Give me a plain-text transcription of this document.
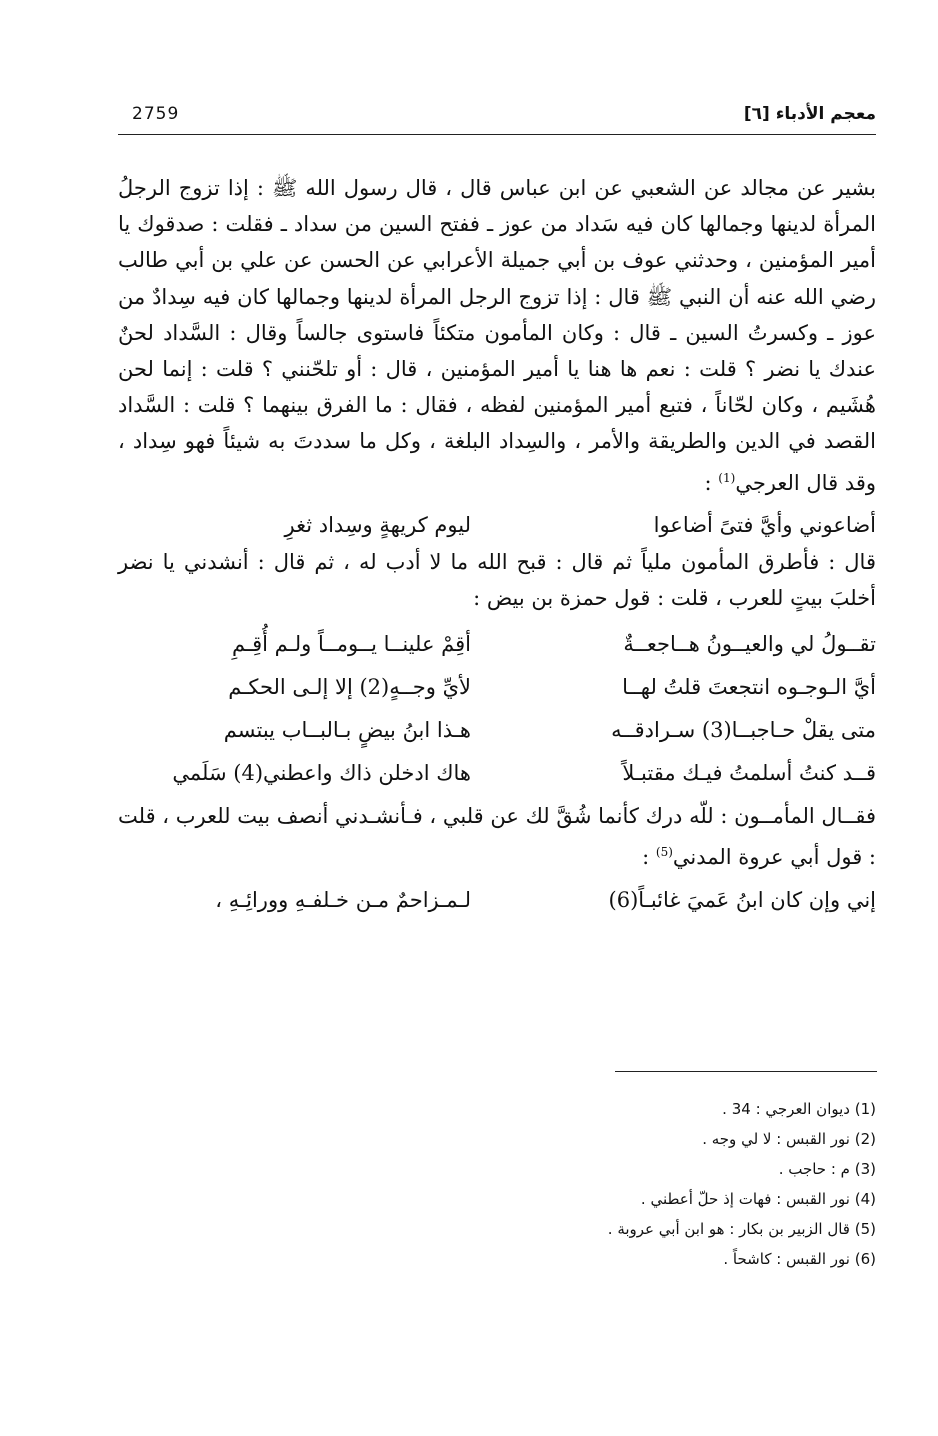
2759	معجم الأدباء [٦]

بشير عن مجالد عن الشعبي عن ابن عباس قال ، قال رسول الله ﷺ : إذا تزوج الرجلُ المرأة لدينها وجمالها كان فيه سَداد من عوز ـ ففتح السين من سداد ـ فقلت : صدقوك يا أمير المؤمنين ، وحدثني عوف بن أبي جميلة الأعرابي عن الحسن عن علي بن أبي طالب رضي الله عنه أن النبي ﷺ قال : إذا تزوج الرجل المرأة لدينها وجمالها كان فيه سِدادٌ من عوز ـ وكسرتُ السين ـ قال : وكان المأمون متكئاً فاستوى جالساً وقال : السَّداد لحنٌ عندك يا نضر ؟ قلت : نعم ها هنا يا أمير المؤمنين ، قال : أو تلحّنني ؟ قلت : إنما لحن هُشَيم ، وكان لحّاناً ، فتبع أمير المؤمنين لفظه ، فقال : ما الفرق بينهما ؟ قلت : السَّداد القصد في الدين والطريقة والأمر ، والسِداد البلغة ، وكل ما سددتَ به شيئاً فهو سِداد ، وقد قال العرجي$^{(1)}$ :

أضاعوني وأيَّ فتىً أضاعوا
ليوم كريهةٍ وسِداد ثغرِ

قال : فأطرق المأمون ملياً ثم قال : قبح الله ما لا أدب له ، ثم قال : أنشدني يا نضر أخلبَ بيتٍ للعرب ، قلت : قول حمزة بن بيض :

تقــولُ لي والعيــونُ هــاجعــةٌ
أقِمْ علينــا يــومــاً ولـم أُقِـمِ
أيَّ الـوجـوه انتجعتَ قلتُ لهــا
لأيِّ وجــهٍ(2) إلا إلـى الحكـم
متى يقلْ حـاجبــا(3) سـرادقــه
هـذا ابنُ بيضٍ بـالبــاب يبتسم
قــد كنتُ أسلمتُ فيـك مقتبـلاً
هاك ادخلن ذاك واعطني(4) سَلَمي

فقــال المأمــون : للّه درك كأنما شُقَّ لك عن قلبي ، فـأنشـدني أنصف بيت للعرب ، قلت : قول أبي عروة المدني$^{(5)}$ :

إني وإن كان ابنُ عَميَ غائبـاً(6)
لـمـزاحمٌ مـن خـلفـهِ وورائِـهِ ،
(1) ديوان العرجي : 34 .
(2) نور القبس : لا لي وجه .
(3) م : حاجب .
(4) نور القبس : فهات إذ حلّ أعطني .
(5) قال الزبير بن بكار : هو ابن أبي عروبة .
(6) نور القبس : كاشحاً .
